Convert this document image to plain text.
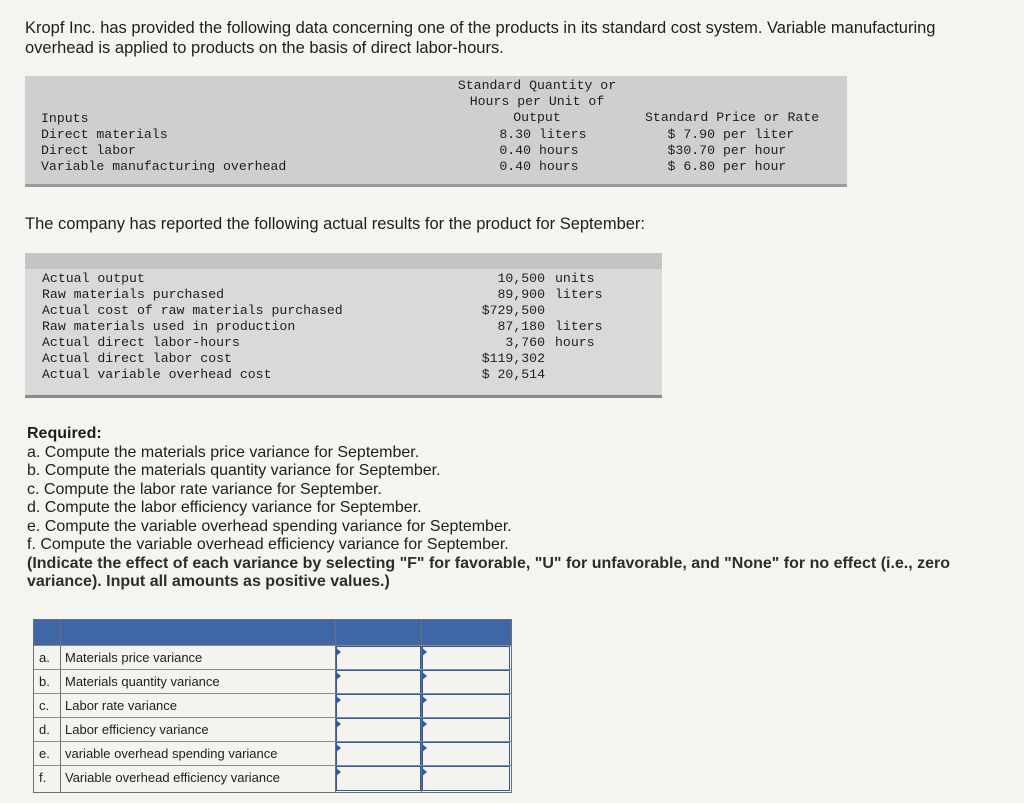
Kropf Inc. has provided the following data concerning one of the products in its standard cost system. Variable manufacturing overhead is applied to products on the basis of direct labor-hours.
Standard Quantity or
Hours per Unit of
Output	Standard Price or Rate
Inputs
Direct materials	8.30 liters	$ 7.90 per liter
Direct labor	0.40 hours	$30.70 per hour
Variable manufacturing overhead	0.40 hours	$ 6.80 per hour
The company has reported the following actual results for the product for September:
Actual output	10,500 units
Raw materials purchased	89,900 liters
Actual cost of raw materials purchased	$729,500
Raw materials used in production	87,180 liters
Actual direct labor-hours	3,760 hours
Actual direct labor cost	$119,302
Actual variable overhead cost	$ 20,514
Required:
a. Compute the materials price variance for September.
b. Compute the materials quantity variance for September.
c. Compute the labor rate variance for September.
d. Compute the labor efficiency variance for September.
e. Compute the variable overhead spending variance for September.
f. Compute the variable overhead efficiency variance for September.
(Indicate the effect of each variance by selecting "F" for favorable, "U" for unfavorable, and "None" for no effect (i.e., zero variance). Input all amounts as positive values.)
a. Materials price variance
b. Materials quantity variance
c. Labor rate variance
d. Labor efficiency variance
e. variable overhead spending variance
f. Variable overhead efficiency variance
